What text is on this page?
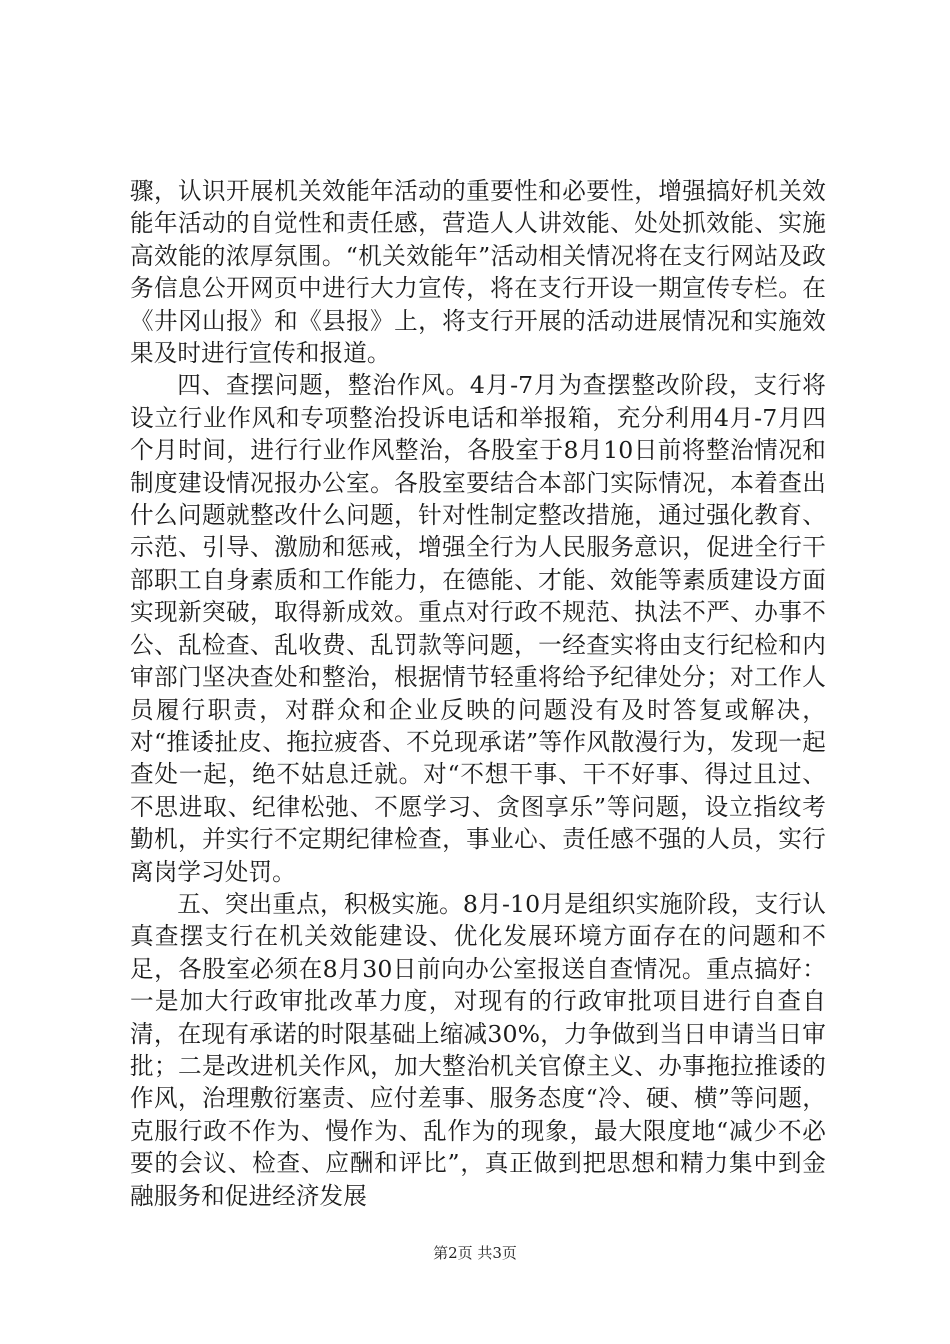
骤，认识开展机关效能年活动的重要性和必要性，增强搞好机关效能年活动的自觉性和责任感，营造人人讲效能、处处抓效能、实施高效能的浓厚氛围。“机关效能年”活动相关情况将在支行网站及政务信息公开网页中进行大力宣传，将在支行开设一期宣传专栏。在《井冈山报》和《县报》上，将支行开展的活动进展情况和实施效果及时进行宣传和报道。

四、查摆问题，整治作风。4月-7月为查摆整改阶段，支行将设立行业作风和专项整治投诉电话和举报箱，充分利用4月-7月四个月时间，进行行业作风整治，各股室于8月10日前将整治情况和制度建设情况报办公室。各股室要结合本部门实际情况，本着查出什么问题就整改什么问题，针对性制定整改措施，通过强化教育、示范、引导、激励和惩戒，增强全行为人民服务意识，促进全行干部职工自身素质和工作能力，在德能、才能、效能等素质建设方面实现新突破，取得新成效。重点对行政不规范、执法不严、办事不公、乱检查、乱收费、乱罚款等问题，一经查实将由支行纪检和内审部门坚决查处和整治，根据情节轻重将给予纪律处分；对工作人员履行职责，对群众和企业反映的问题没有及时答复或解决，对“推诿扯皮、拖拉疲沓、不兑现承诺”等作风散漫行为，发现一起查处一起，绝不姑息迁就。对“不想干事、干不好事、得过且过、不思进取、纪律松弛、不愿学习、贪图享乐”等问题，设立指纹考勤机，并实行不定期纪律检查，事业心、责任感不强的人员，实行离岗学习处罚。

五、突出重点，积极实施。8月-10月是组织实施阶段，支行认真查摆支行在机关效能建设、优化发展环境方面存在的问题和不足，各股室必须在8月30日前向办公室报送自查情况。重点搞好：一是加大行政审批改革力度，对现有的行政审批项目进行自查自清，在现有承诺的时限基础上缩减30%，力争做到当日申请当日审批；二是改进机关作风，加大整治机关官僚主义、办事拖拉推诿的作风，治理敷衍塞责、应付差事、服务态度“冷、硬、横”等问题，克服行政不作为、慢作为、乱作为的现象，最大限度地“减少不必要的会议、检查、应酬和评比”，真正做到把思想和精力集中到金融服务和促进经济发展

第2页 共3页
